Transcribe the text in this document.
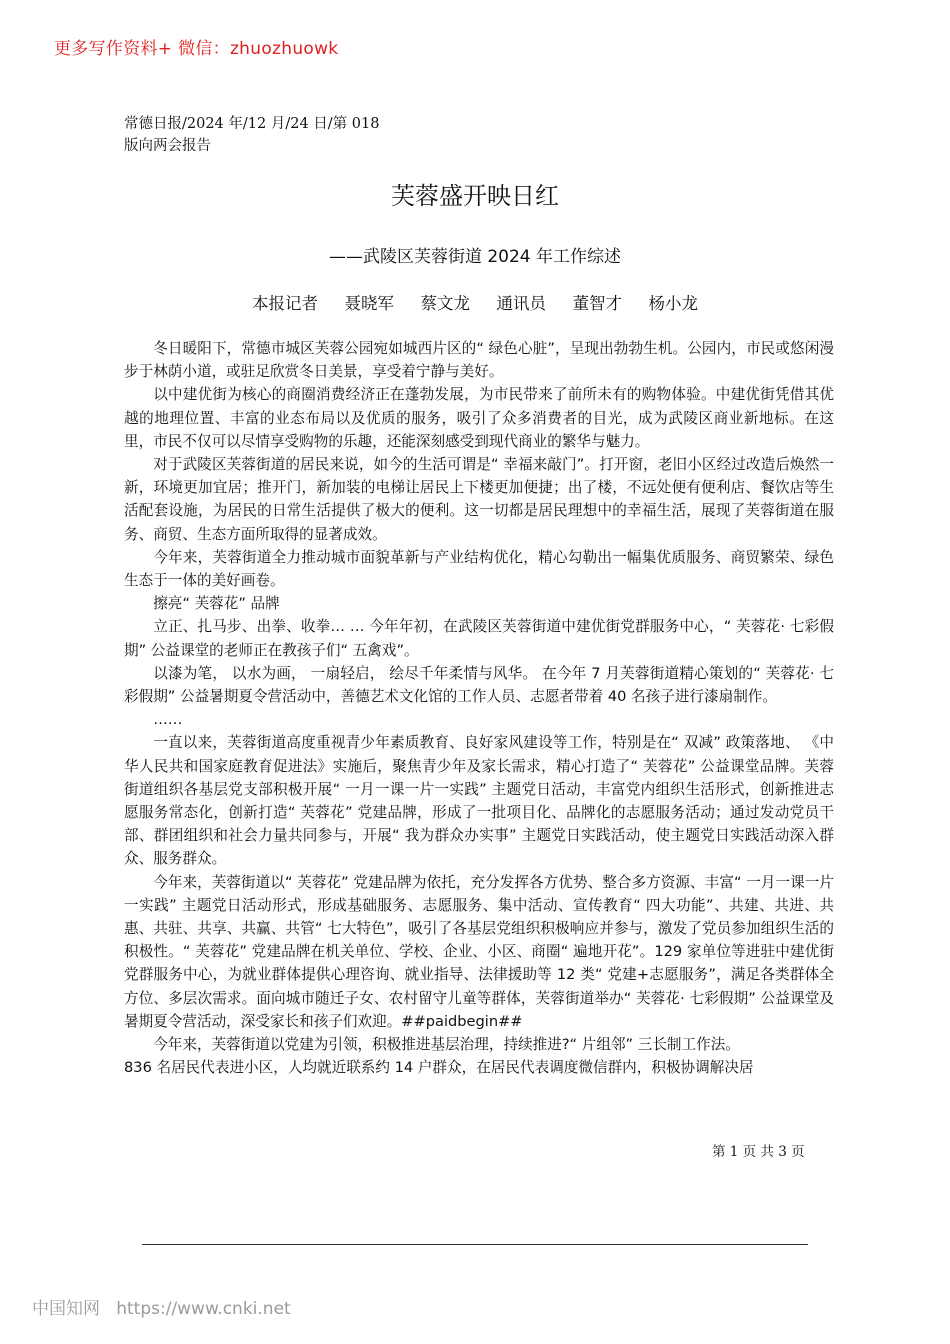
更多写作资料+ 微信：zhuozhuowk
常德日报/2024 年/12 月/24 日/第 018
版向两会报告
芙蓉盛开映日红
——武陵区芙蓉街道 2024 年工作综述
本报记者  聂晓军  蔡文龙  通讯员  董智才  杨小龙

冬日暖阳下，常德市城区芙蓉公园宛如城西片区的“ 绿色心脏”，呈现出勃勃生机。公园内，市民或悠闲漫步于林荫小道，或驻足欣赏冬日美景，享受着宁静与美好。

以中建优街为核心的商圈消费经济正在蓬勃发展，为市民带来了前所未有的购物体验。中建优街凭借其优越的地理位置、丰富的业态布局以及优质的服务，吸引了众多消费者的目光，成为武陵区商业新地标。在这里，市民不仅可以尽情享受购物的乐趣，还能深刻感受到现代商业的繁华与魅力。

对于武陵区芙蓉街道的居民来说，如今的生活可谓是“ 幸福来敲门”。打开窗，老旧小区经过改造后焕然一新，环境更加宜居；推开门，新加装的电梯让居民上下楼更加便捷；出了楼，不远处便有便利店、餐饮店等生活配套设施，为居民的日常生活提供了极大的便利。这一切都是居民理想中的幸福生活，展现了芙蓉街道在服务、商贸、生态方面所取得的显著成效。

今年来，芙蓉街道全力推动城市面貌革新与产业结构优化，精心勾勒出一幅集优质服务、商贸繁荣、绿色生态于一体的美好画卷。

擦亮“ 芙蓉花” 品牌

立正、扎马步、出拳、收拳… … 今年年初，在武陵区芙蓉街道中建优街党群服务中心，“ 芙蓉花· 七彩假期” 公益课堂的老师正在教孩子们“ 五禽戏”。

以漆为笔， 以水为画， 一扇轻启， 绘尽千年柔情与风华。 在今年 7 月芙蓉街道精心策划的“ 芙蓉花· 七彩假期” 公益暑期夏令营活动中，善德艺术文化馆的工作人员、志愿者带着 40 名孩子进行漆扇制作。

……

一直以来，芙蓉街道高度重视青少年素质教育、良好家风建设等工作，特别是在“ 双减” 政策落地、 《中华人民共和国家庭教育促进法》实施后，聚焦青少年及家长需求，精心打造了“ 芙蓉花” 公益课堂品牌。芙蓉街道组织各基层党支部积极开展“ 一月一课一片一实践” 主题党日活动，丰富党内组织生活形式，创新推进志愿服务常态化，创新打造“ 芙蓉花” 党建品牌，形成了一批项目化、品牌化的志愿服务活动；通过发动党员干部、群团组织和社会力量共同参与，开展“ 我为群众办实事” 主题党日实践活动，使主题党日实践活动深入群众、服务群众。

今年来，芙蓉街道以“ 芙蓉花” 党建品牌为依托，充分发挥各方优势、整合多方资源、丰富“ 一月一课一片一实践” 主题党日活动形式，形成基础服务、志愿服务、集中活动、宣传教育“ 四大功能”、共建、共进、共惠、共驻、共享、共赢、共管“ 七大特色”，吸引了各基层党组织积极响应并参与，激发了党员参加组织生活的积极性。“ 芙蓉花” 党建品牌在机关单位、学校、企业、小区、商圈“ 遍地开花”。129 家单位等进驻中建优街党群服务中心，为就业群体提供心理咨询、就业指导、法律援助等 12 类“ 党建+志愿服务”，满足各类群体全方位、多层次需求。面向城市随迁子女、农村留守儿童等群体，芙蓉街道举办“ 芙蓉花· 七彩假期” 公益课堂及暑期夏令营活动，深受家长和孩子们欢迎。##paidbegin##

今年来，芙蓉街道以党建为引领，积极推进基层治理，持续推进?“ 片组邻” 三长制工作法。

836 名居民代表进小区，人均就近联系约 14 户群众，在居民代表调度微信群内，积极协调解决居

第 1 页 共 3 页
中国知网 https://www.cnki.net
